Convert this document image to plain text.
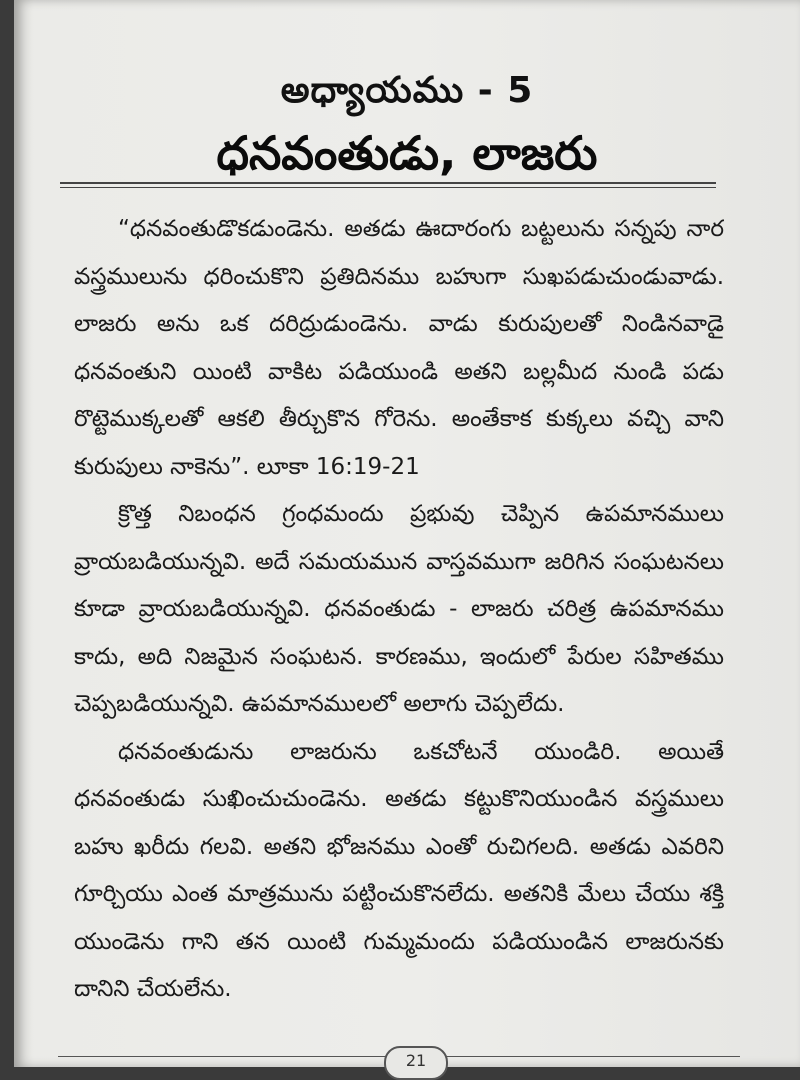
అధ్యాయము - 5
ధనవంతుడు, లాజరు

“ధనవంతుడొకడుండెను. అతడు ఊదారంగు బట్టలును సన్నపు నార వస్త్రములును ధరించుకొని ప్రతిదినము బహుగా సుఖపడుచుండువాడు. లాజరు అను ఒక దరిద్రుడుండెను. వాడు కురుపులతో నిండినవాడై ధనవంతుని యింటి వాకిట పడియుండి అతని బల్లమీద నుండి పడు రొట్టెముక్కలతో ఆకలి తీర్చుకొన గోరెను. అంతేకాక కుక్కలు వచ్చి వాని కురుపులు నాకెను”. లూకా 16:19-21

క్రొత్త నిబంధన గ్రంధమందు ప్రభువు చెప్పిన ఉపమానములు వ్రాయబడియున్నవి. అదే సమయమున వాస్తవముగా జరిగిన సంఘటనలు కూడా వ్రాయబడియున్నవి. ధనవంతుడు - లాజరు చరిత్ర ఉపమానము కాదు, అది నిజమైన సంఘటన. కారణము, ఇందులో పేరుల సహితము చెప్పబడియున్నవి. ఉపమానములలో అలాగు చెప్పలేదు.

ధనవంతుడును లాజరును ఒకచోటనే యుండిరి. అయితే ధనవంతుడు సుఖించుచుండెను. అతడు కట్టుకొనియుండిన వస్త్రములు బహు ఖరీదు గలవి. అతని భోజనము ఎంతో రుచిగలది. అతడు ఎవరిని గూర్చియు ఎంత మాత్రమును పట్టించుకొనలేదు. అతనికి మేలు చేయు శక్తి యుండెను గాని తన యింటి గుమ్మమందు పడియుండిన లాజరునకు దానిని చేయలేను.

21
